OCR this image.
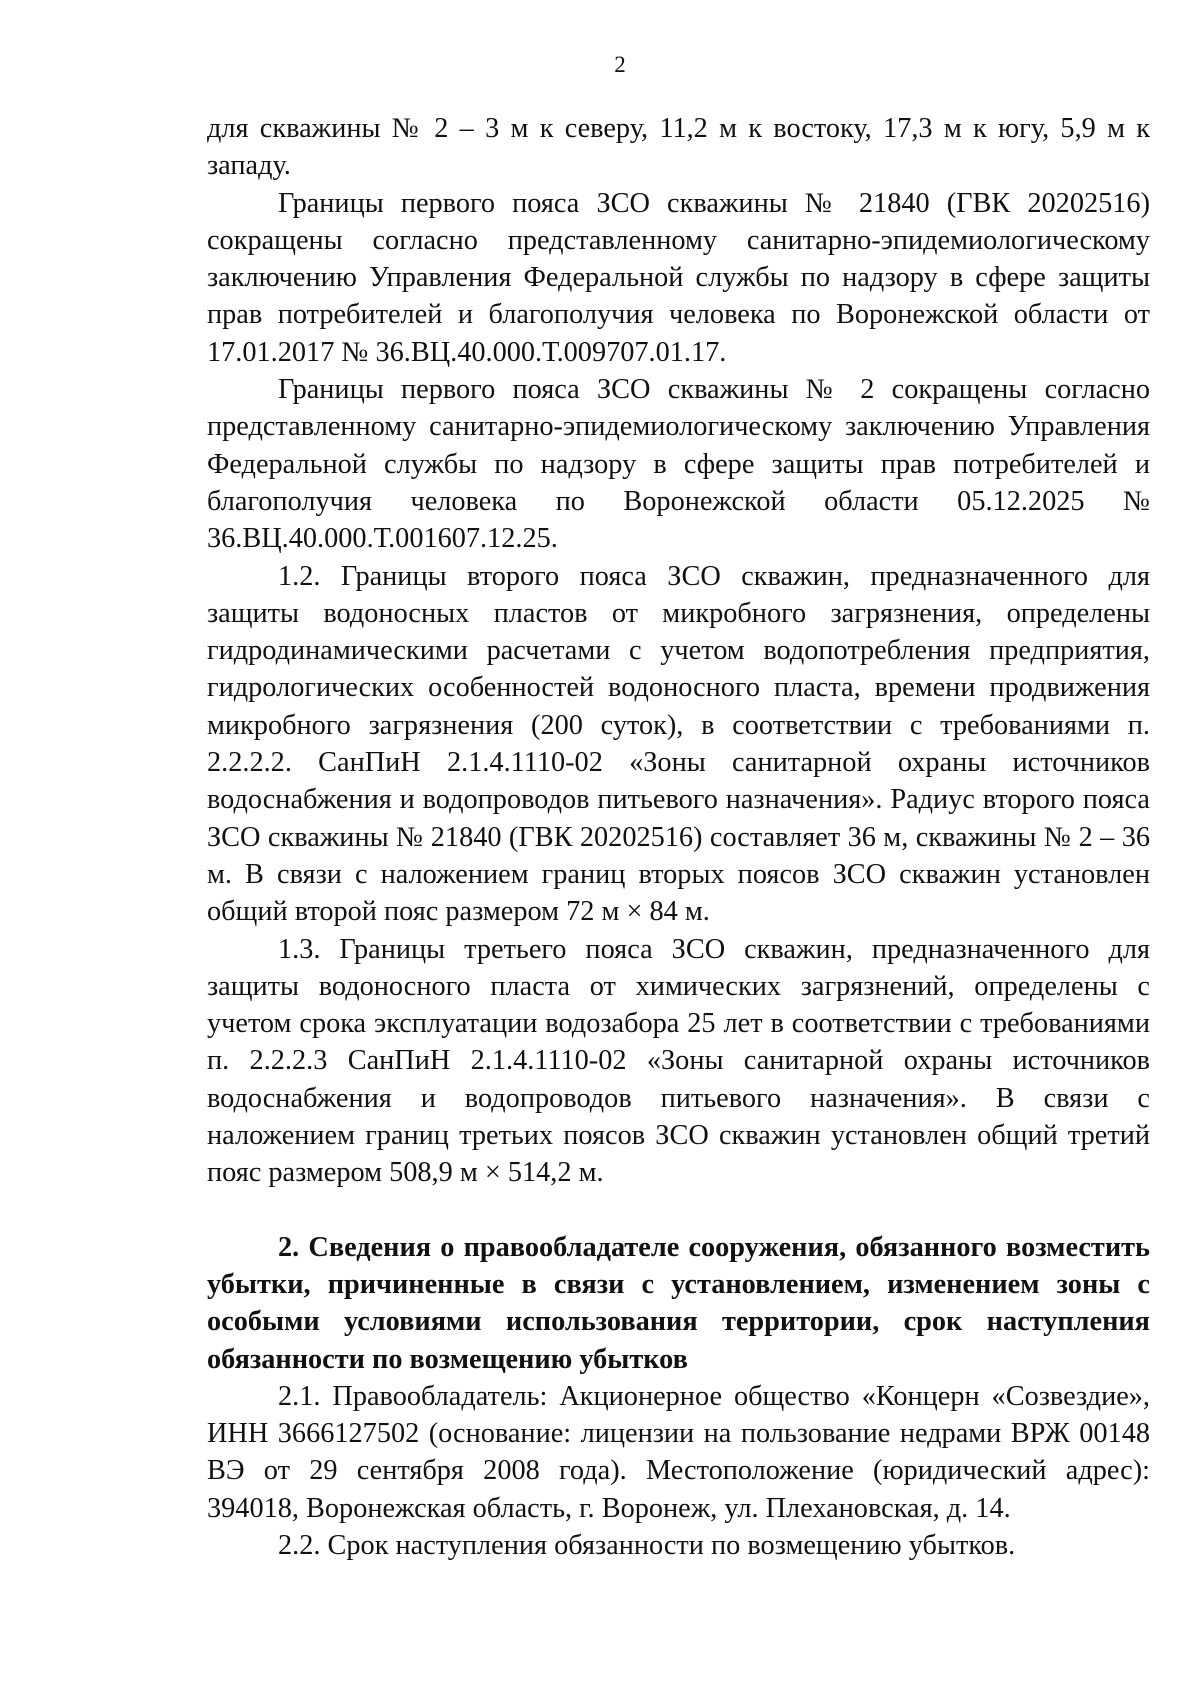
2

для скважины № 2 – 3 м к северу, 11,2 м к востоку, 17,3 м к югу, 5,9 м к западу.

Границы первого пояса ЗСО скважины № 21840 (ГВК 20202516) сокращены согласно представленному санитарно-эпидемиологическому заключению Управления Федеральной службы по надзору в сфере защиты прав потребителей и благополучия человека по Воронежской области от 17.01.2017 № 36.ВЦ.40.000.Т.009707.01.17.

Границы первого пояса ЗСО скважины № 2 сокращены согласно представленному санитарно-эпидемиологическому заключению Управления Федеральной службы по надзору в сфере защиты прав потребителей и благополучия человека по Воронежской области 05.12.2025 № 36.ВЦ.40.000.Т.001607.12.25.

1.2. Границы второго пояса ЗСО скважин, предназначенного для защиты водоносных пластов от микробного загрязнения, определены гидродинамическими расчетами с учетом водопотребления предприятия, гидрологических особенностей водоносного пласта, времени продвижения микробного загрязнения (200 суток), в соответствии с требованиями п. 2.2.2.2. СанПиН 2.1.4.1110-02 «Зоны санитарной охраны источников водоснабжения и водопроводов питьевого назначения». Радиус второго пояса ЗСО скважины № 21840 (ГВК 20202516) составляет 36 м, скважины № 2 – 36 м. В связи с наложением границ вторых поясов ЗСО скважин установлен общий второй пояс размером 72 м × 84 м.

1.3. Границы третьего пояса ЗСО скважин, предназначенного для защиты водоносного пласта от химических загрязнений, определены с учетом срока эксплуатации водозабора 25 лет в соответствии с требованиями п. 2.2.2.3 СанПиН 2.1.4.1110-02 «Зоны санитарной охраны источников водоснабжения и водопроводов питьевого назначения». В связи с наложением границ третьих поясов ЗСО скважин установлен общий третий пояс размером 508,9 м × 514,2 м.

2. Сведения о правообладателе сооружения, обязанного возместить убытки, причиненные в связи с установлением, изменением зоны с особыми условиями использования территории, срок наступления обязанности по возмещению убытков

2.1. Правообладатель: Акционерное общество «Концерн «Созвездие», ИНН 3666127502 (основание: лицензии на пользование недрами ВРЖ 00148 ВЭ от 29 сентября 2008 года). Местоположение (юридический адрес): 394018, Воронежская область, г. Воронеж, ул. Плехановская, д. 14.

2.2. Срок наступления обязанности по возмещению убытков.
